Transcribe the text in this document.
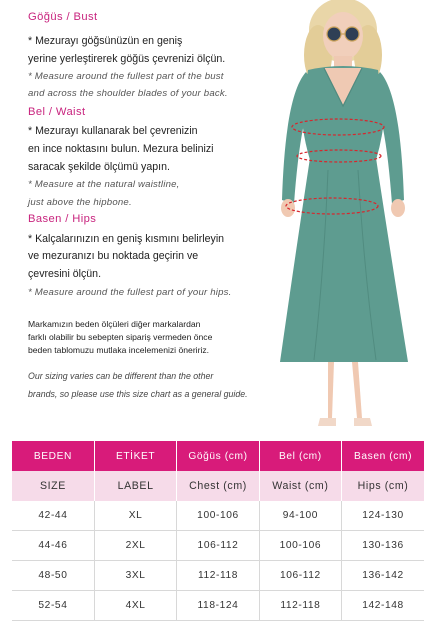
Göğüs / Bust
* Mezurayı göğsünüzün en geniş
yerine yerleştirerek göğüs çevrenizi ölçün.
* Measure around the fullest part of the bust
and across the shoulder blades of your back.
Bel / Waist
* Mezurayı kullanarak bel çevrenizin
en ince noktasını bulun. Mezura belinizi
saracak şekilde ölçümü yapın.
* Measure at the natural waistline,
just above the hipbone.
Basen / Hips
* Kalçalarınızın en geniş kısmını belirleyin
ve mezuranızı bu noktada geçirin ve
çevresini ölçün.
* Measure around the fullest part of your hips.
Markamızın beden ölçüleri diğer markalardan
farklı olabilir bu sebepten sipariş vermeden önce
beden tablomuzu mutlaka incelemenizi öneririz.
Our sizing varies can be different than the other
brands, so please use this size chart as a general guide.
BEDEN	ETİKET	Göğüs (cm)	Bel (cm)	Basen (cm)
SIZE	LABEL	Chest (cm)	Waist (cm)	Hips (cm)
42-44	XL	100-106	94-100	124-130
44-46	2XL	106-112	100-106	130-136
48-50	3XL	112-118	106-112	136-142
52-54	4XL	118-124	112-118	142-148
